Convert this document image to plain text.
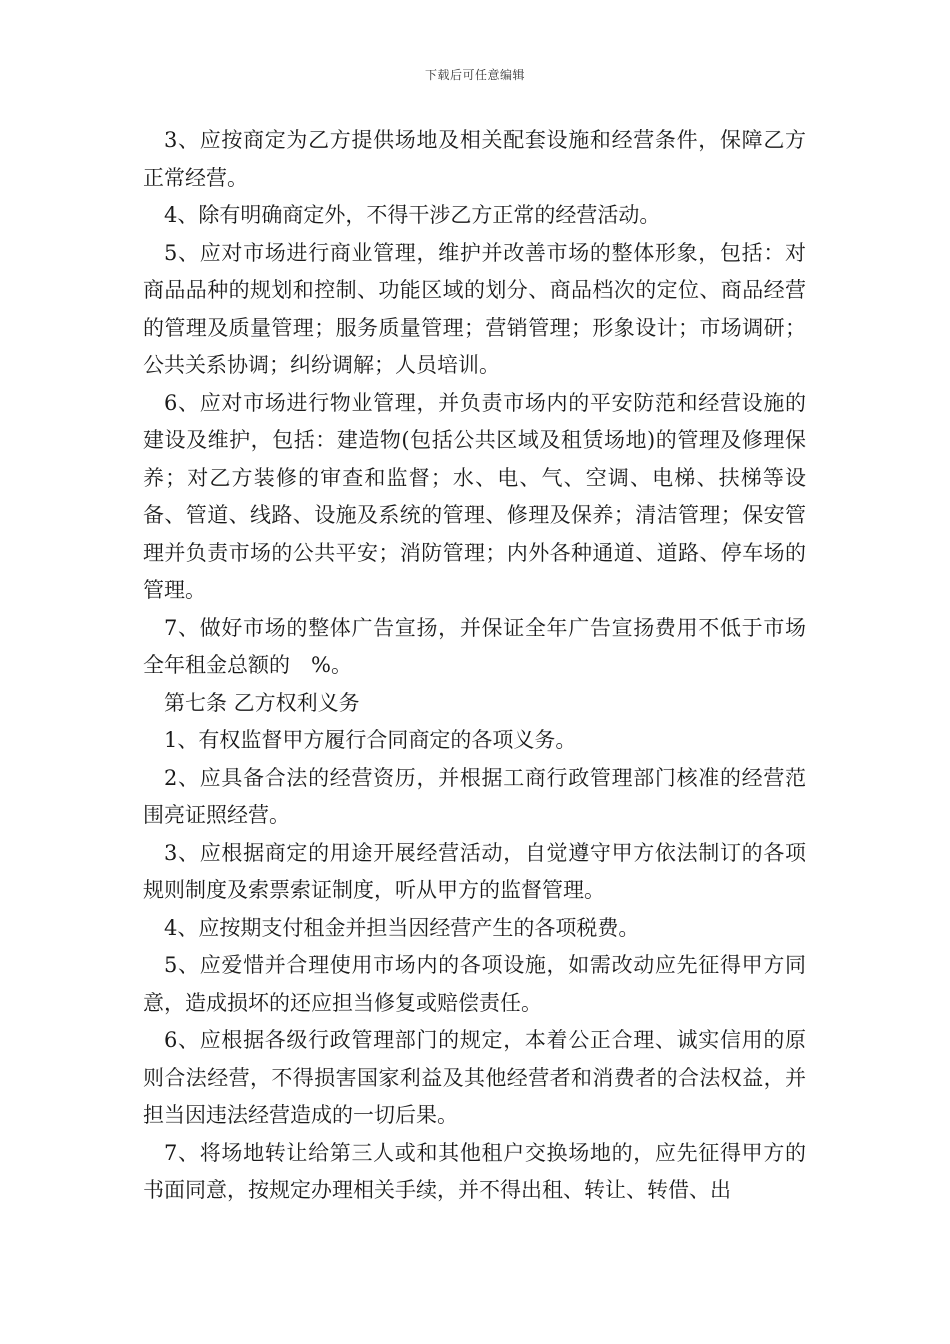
下载后可任意编辑

3、应按商定为乙方提供场地及相关配套设施和经营条件，保障乙方正常经营。

4、除有明确商定外，不得干涉乙方正常的经营活动。

5、应对市场进行商业管理，维护并改善市场的整体形象，包括：对商品品种的规划和控制、功能区域的划分、商品档次的定位、商品经营的管理及质量管理；服务质量管理；营销管理；形象设计；市场调研；公共关系协调；纠纷调解；人员培训。

6、应对市场进行物业管理，并负责市场内的平安防范和经营设施的建设及维护，包括：建造物(包括公共区域及租赁场地)的管理及修理保养；对乙方装修的审查和监督；水、电、气、空调、电梯、扶梯等设备、管道、线路、设施及系统的管理、修理及保养；清洁管理；保安管理并负责市场的公共平安；消防管理；内外各种通道、道路、停车场的管理。

7、做好市场的整体广告宣扬，并保证全年广告宣扬费用不低于市场全年租金总额的　%。

第七条 乙方权利义务

1、有权监督甲方履行合同商定的各项义务。

2、应具备合法的经营资历，并根据工商行政管理部门核准的经营范围亮证照经营。

3、应根据商定的用途开展经营活动，自觉遵守甲方依法制订的各项规则制度及索票索证制度，听从甲方的监督管理。

4、应按期支付租金并担当因经营产生的各项税费。

5、应爱惜并合理使用市场内的各项设施，如需改动应先征得甲方同意，造成损坏的还应担当修复或赔偿责任。

6、应根据各级行政管理部门的规定，本着公正合理、诚实信用的原则合法经营，不得损害国家利益及其他经营者和消费者的合法权益，并担当因违法经营造成的一切后果。

7、将场地转让给第三人或和其他租户交换场地的，应先征得甲方的书面同意，按规定办理相关手续，并不得出租、转让、转借、出
